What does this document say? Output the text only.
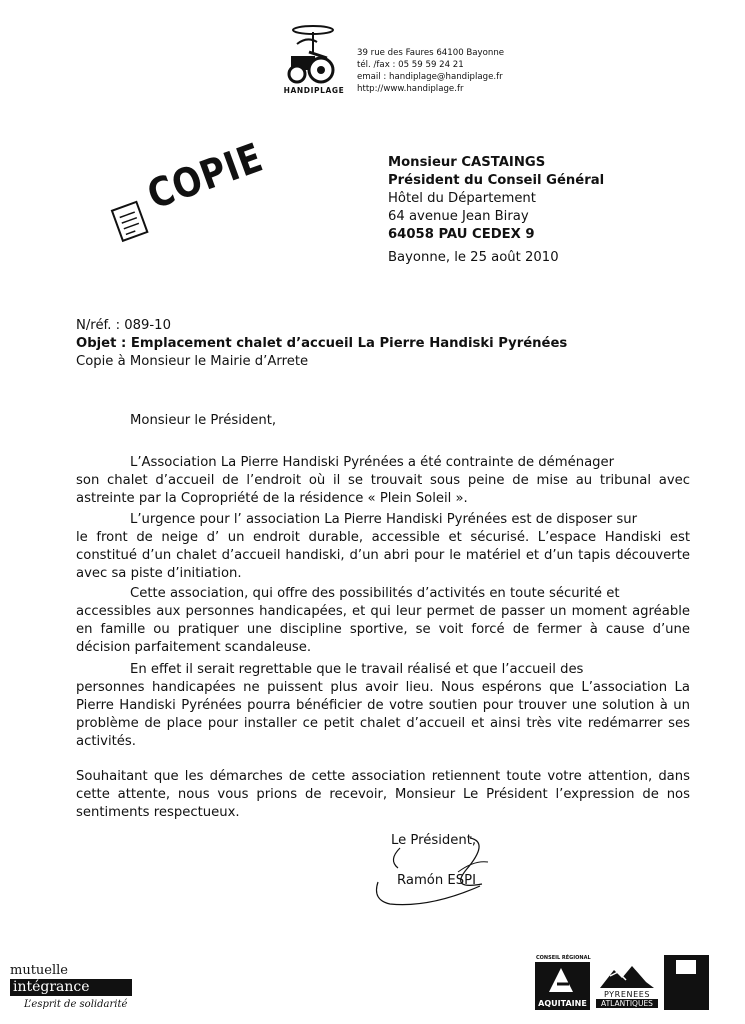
HANDIPLAGE
39 rue des Faures 64100 Bayonne
tél. /fax : 05 59 59 24 21
email : handiplage@handiplage.fr
http://www.handiplage.fr
COPIE	Monsieur CASTAINGS
Président du Conseil Général
Hôtel du Département
64 avenue Jean Biray
64058 PAU CEDEX 9
Bayonne, le 25 août 2010
N/réf. : 089-10
Objet : Emplacement chalet d’accueil La Pierre Handiski Pyrénées
Copie à Monsieur le Mairie d’Arrete
Monsieur le Président,
L’Association La Pierre Handiski Pyrénées a été contrainte de déménager
son chalet d’accueil de l’endroit où il se trouvait sous peine de mise au tribunal avec astreinte par la Copropriété de la résidence « Plein Soleil ».
L’urgence pour l’ association La Pierre Handiski Pyrénées est de disposer sur
le front de neige d’ un endroit durable, accessible et sécurisé. L’espace Handiski est constitué d’un chalet d’accueil handiski, d’un abri pour le matériel et d’un tapis découverte avec sa piste d’initiation.
Cette association, qui offre des possibilités d’activités en toute sécurité et
accessibles aux personnes handicapées, et qui leur permet de passer un moment agréable en famille ou pratiquer une discipline sportive, se voit forcé de fermer à cause d’une décision parfaitement scandaleuse.
En effet il serait regrettable que le travail réalisé et que l’accueil des
personnes handicapées ne puissent plus avoir lieu. Nous espérons que L’association La Pierre Handiski Pyrénées pourra bénéficier de votre soutien pour trouver une solution à un problème de place pour installer ce petit chalet d’accueil et ainsi très vite redémarrer ses activités.
Souhaitant que les démarches de cette association retiennent toute votre attention, dans cette attente, nous vous prions de recevoir, Monsieur Le Président l’expression de nos sentiments respectueux.
Le Président,
Ramón ESPI
mutuelle
intégrance
L’esprit de solidarité
CONSEIL RÉGIONAL
AQUITAINE
PYRENEES
ATLANTIQUES
